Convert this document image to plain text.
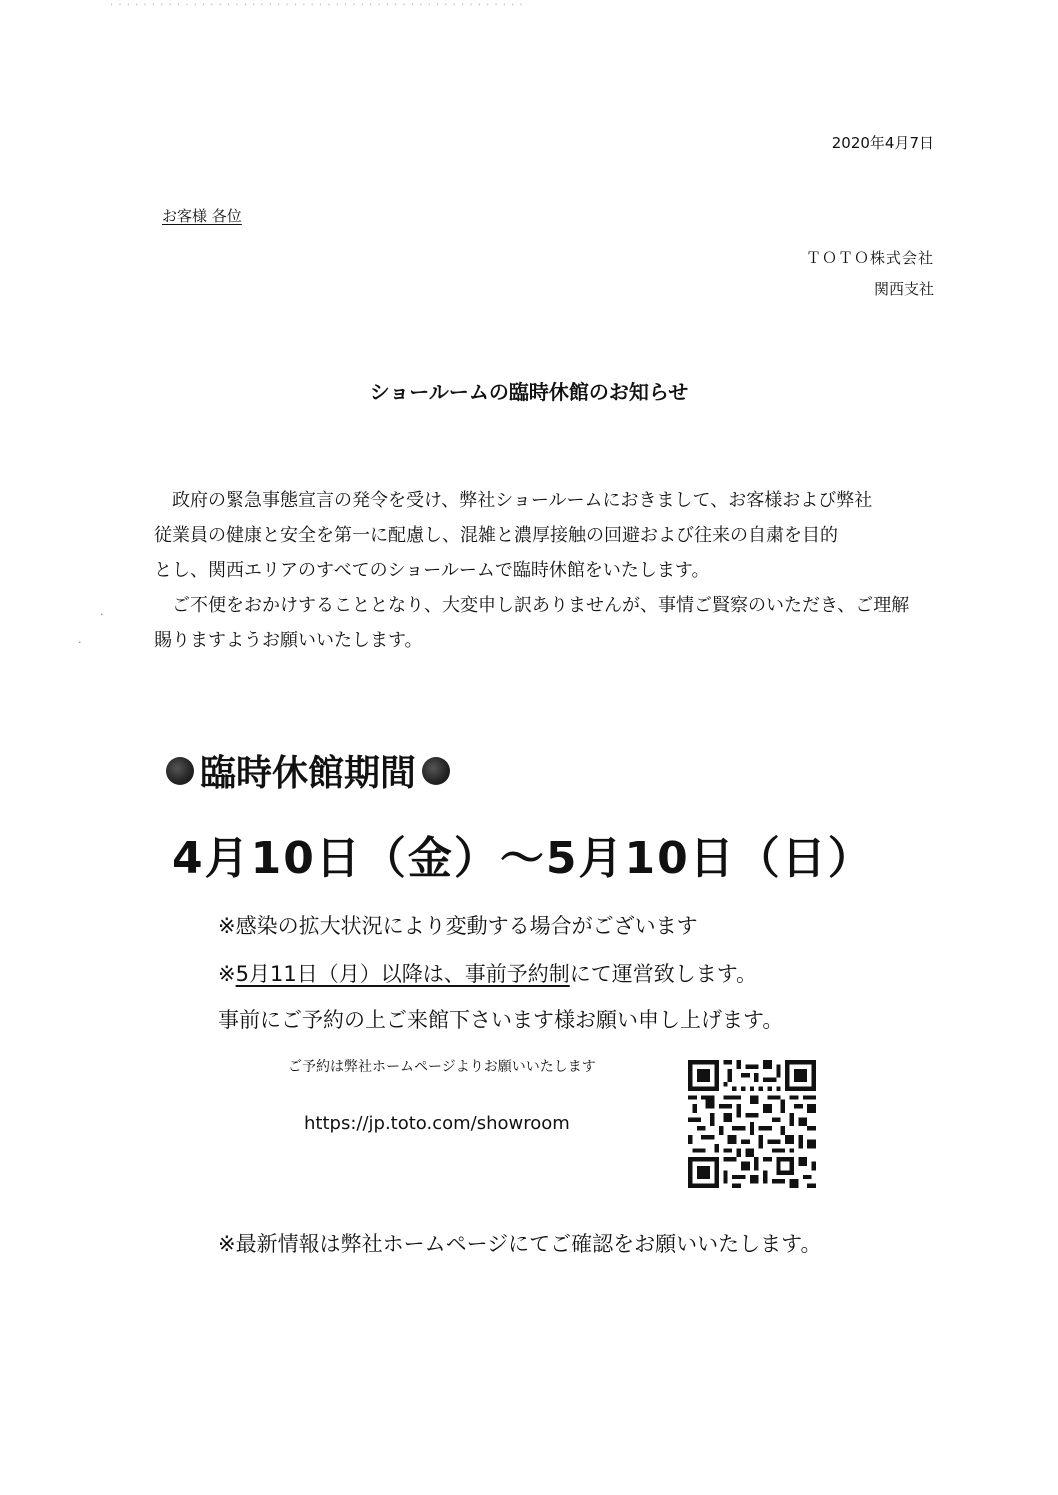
· · · · · · · · · · · · · · · · · · · · · · · · · · · · · · · · · · · · · · · · · · · · · · · · · ·
2020年4月7日
お客様 各位
ＴＯＴＯ株式会社
関西支社
ショールームの臨時休館のお知らせ

政府の緊急事態宣言の発令を受け、弊社ショールームにおきまして、お客様および弊社

従業員の健康と安全を第一に配慮し、混雑と濃厚接触の回避および往来の自粛を目的

とし、関西エリアのすべてのショールームで臨時休館をいたします。

ご不便をおかけすることとなり、大変申し訳ありませんが、事情ご賢察のいただき、ご理解

賜りますようお願いいたします。

臨時休館期間
4月10日（金）～5月10日（日）
※感染の拡大状況により変動する場合がございます
※5月11日（月）以降は、事前予約制にて運営致します。
事前にご予約の上ご来館下さいます様お願い申し上げます。
ご予約は弊社ホームページよりお願いいたします
https://jp.toto.com/showroom
※最新情報は弊社ホームページにてご確認をお願いいたします。
·
·
